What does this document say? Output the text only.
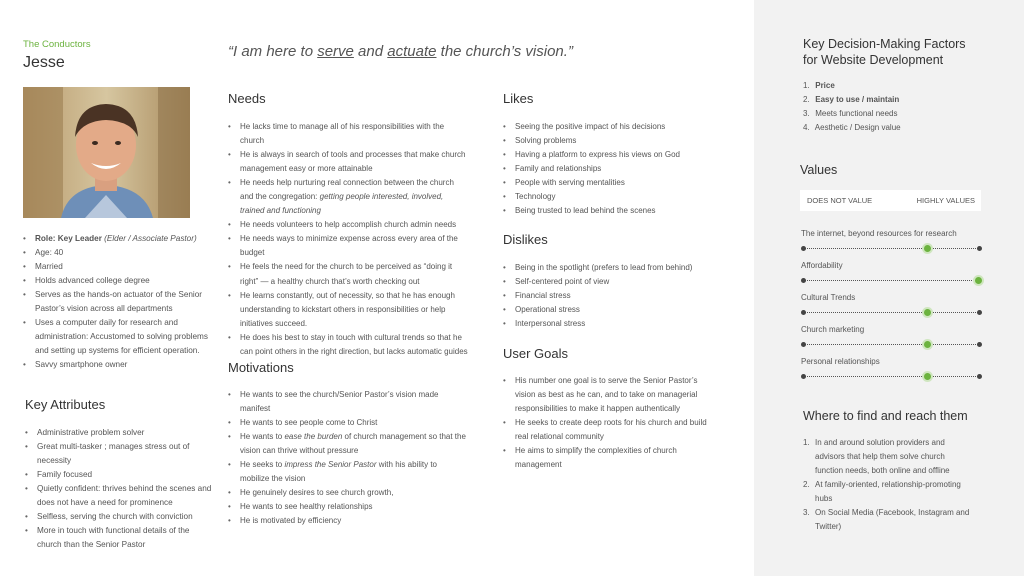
The Conductors
Jesse
• Role: Key Leader (Elder / Associate Pastor)
• Age: 40
• Married
• Holds advanced college degree
• Serves as the hands-on actuator of the Senior Pastor’s vision across all departments
• Uses a computer daily for research and administration: Accustomed to solving problems and setting up systems for efficient operation.
• Savvy smartphone owner
Key Attributes
• Administrative problem solver
• Great multi-tasker ; manages stress out of necessity
• Family focused
• Quietly confident: thrives behind the scenes and does not have a need for prominence
• Selfless, serving the church with conviction
• More in touch with functional details of the church than the Senior Pastor
“I am here to serve and actuate the church’s vision.”
Needs
• He lacks time to manage all of his responsibilities with the church
• He is always in search of tools and processes that make church management easy or more attainable
• He needs help nurturing real connection between the church and the congregation: getting people interested, involved, trained and functioning
• He needs volunteers to help accomplish church admin needs
• He needs ways to minimize expense across every area of the budget
• He feels the need for the church to be perceived as “doing it right” — a healthy church that’s worth checking out
• He learns constantly, out of necessity, so that he has enough understanding to kickstart others in responsibilities or help initiatives succeed.
• He does his best to stay in touch with cultural trends so that he can point others in the right direction, but lacks automatic guides
Motivations
• He wants to see the church/Senior Pastor’s vision made manifest
• He wants to see people come to Christ
• He wants to ease the burden of church management so that the vision can thrive without pressure
• He seeks to impress the Senior Pastor with his ability to mobilize the vision
• He genuinely desires to see church growth,
• He wants to see healthy relationships
• He is motivated by efficiency
Likes
• Seeing the positive impact of his decisions
• Solving problems
• Having a platform to express his views on God
• Family and relationships
• People with serving mentalities
• Technology
• Being trusted to lead behind the scenes
Dislikes
• Being in the spotlight (prefers to lead from behind)
• Self-centered point of view
• Financial stress
• Operational stress
• Interpersonal stress
User Goals
• His number one goal is to serve the Senior Pastor’s vision as best as he can, and to take on managerial responsibilities to make it happen authentically
• He seeks to create deep roots for his church and build real relational community
• He aims to simplify the complexities of church management
Key Decision-Making Factors
for Website Development
1. Price
2. Easy to use / maintain
3. Meets functional needs
4. Aesthetic / Design value
Values
DOES NOT VALUE	HIGHLY VALUES
The internet, beyond resources for research
Affordability
Cultural Trends
Church marketing
Personal relationships
Where to find and reach them
1. In and around solution providers and advisors that help them solve church function needs, both online and offline
2. At family-oriented, relationship-promoting hubs
3. On Social Media (Facebook, Instagram and Twitter)
